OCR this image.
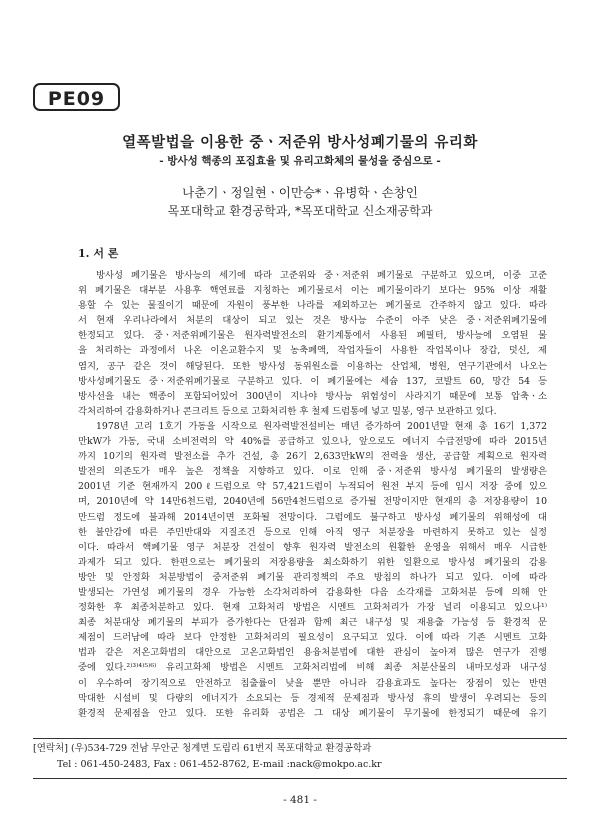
PE09
열폭발법을 이용한 중ㆍ저준위 방사성폐기물의 유리화
- 방사성 핵종의 포집효율 및 유리고화체의 물성을 중심으로 -
나춘기ㆍ정일현ㆍ이만승*ㆍ유병학ㆍ손창인
목포대학교 환경공학과, *목포대학교 신소재공학과
1. 서 론
방사성 폐기물은 방사능의 세기에 따라 고준위와 중ㆍ저준위 폐기물로 구분하고 있으며, 이중 고준
위 폐기물은 대부분 사용후 핵연료를 지칭하는 폐기물로서 이는 폐기물이라기 보다는 95% 이상 재활
용할 수 있는 물질이기 때문에 자원이 풍부한 나라를 제외하고는 폐기물로 간주하지 않고 있다. 따라
서 현재 우리나라에서 처분의 대상이 되고 있는 것은 방사능 수준이 아주 낮은 중ㆍ저준위폐기물에
한정되고 있다. 중ㆍ저준위폐기물은 원자력발전소의 환기계통에서 사용된 폐필터, 방사능에 오염된 물
을 처리하는 과정에서 나온 이온교환수지 및 농축폐액, 작업자들이 사용한 작업복이나 장갑, 덧신, 제
염지, 공구 같은 것이 해당된다. 또한 방사성 동위원소를 이용하는 산업체, 병원, 연구기관에서 나오는
방사성폐기물도 중ㆍ저준위폐기물로 구분하고 있다. 이 폐기물에는 세슘 137, 코발트 60, 망간 54 등
방사선을 내는 핵종이 포함되어있어 300년이 지나야 방사능 위험성이 사라지기 때문에 보통 압축ㆍ소
각처리하여 감용화하거나 콘크리트 등으로 고화처리한 후 철제 드럼통에 넣고 밀봉, 영구 보관하고 있다.
1978년 고리 1호기 가동을 시작으로 원자력발전설비는 매년 증가하여 2001년말 현재 총 16기 1,372
만kW가 가동, 국내 소비전력의 약 40%를 공급하고 있으나, 앞으로도 에너지 수급전망에 따라 2015년
까지 10기의 원자력 발전소를 추가 건설, 총 26기 2,633만kW의 전력을 생산, 공급할 계획으로 원자력
발전의 의존도가 매우 높은 정책을 지향하고 있다. 이로 인해 중ㆍ저준위 방사성 폐기물의 발생량은
2001년 기준 현재까지 200ℓ드럼으로 약 57,421드럼이 누적되어 원전 부지 등에 임시 저장 중에 있으
며, 2010년에 약 14만6천드럼, 2040년에 56만4천드럼으로 증가될 전망이지만 현재의 총 저장용량이 10
만드럼 정도에 불과해 2014년이면 포화될 전망이다. 그럼에도 불구하고 방사성 폐기물의 위해성에 대
한 불안감에 따른 주민반대와 지질조건 등으로 인해 아직 영구 처분장을 마련하지 못하고 있는 실정
이다. 따라서 핵폐기물 영구 처분장 건설이 향후 원자력 발전소의 원활한 운영을 위해서 매우 시급한
과제가 되고 있다. 한편으로는 폐기물의 저장용량을 최소화하기 위한 일환으로 방사성 폐기물의 감용
방안 및 안정화 처분방법이 중저준위 폐기물 관리정책의 주요 방침의 하나가 되고 있다. 이에 따라
발생되는 가연성 폐기물의 경우 가능한 소각처리하여 감용화한 다음 소각재를 고화처분 등에 의해 안
정화한 후 최종처분하고 있다. 현재 고화처리 방법은 시멘트 고화처리가 가장 널리 이용되고 있으나¹⁾
최종 처분대상 폐기물의 부피가 증가한다는 단점과 함께 최근 내구성 및 재용출 가능성 등 환경적 문
제점이 드러남에 따라 보다 안정한 고화처리의 필요성이 요구되고 있다. 이에 따라 기존 시멘트 고화
법과 같은 저온고화법의 대안으로 고온고화법인 용융처분법에 대한 관심이 높아져 많은 연구가 진행
중에 있다.²⁾³⁾⁴⁾⁵⁾⁶⁾ 유리고화체 방법은 시멘트 고화처리법에 비해 최종 처분산물의 내마모성과 내구성
이 우수하여 장기적으로 안전하고 침출률이 낮을 뿐만 아니라 감용효과도 높다는 장점이 있는 반면
막대한 시설비 및 다량의 에너지가 소요되는 등 경제적 문제점과 방사성 휴의 발생이 우려되는 등의
환경적 문제점을 안고 있다. 또한 유리화 공법은 그 대상 폐기물이 무기물에 한정되기 때문에 유기
[연락처] (우)534-729 전남 무안군 청계면 도림리 61번지 목포대학교 환경공학과
Tel : 061-450-2483, Fax : 061-452-8762, E-mail :nack@mokpo.ac.kr
- 481 -
